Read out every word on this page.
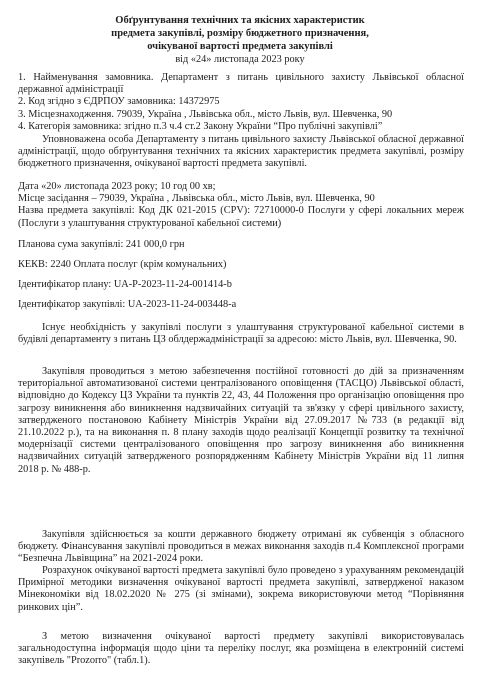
Обґрунтування технічних та якісних характеристик
предмета закупівлі, розміру бюджетного призначення,
очікуваної вартості предмета закупівлі
від «24» листопада 2023 року
1. Найменування замовника. Департамент з питань цивільного захисту Львівської обласної державної адміністрації
2. Код згідно з ЄДРПОУ замовника: 14372975
3. Місцезнаходження. 79039, Україна , Львівська обл., місто Львів, вул. Шевченка, 90
4. Категорія замовника: згідно п.3 ч.4 ст.2 Закону України “Про публічні закупівлі”
Уповноважена особа Департаменту з питань цивільного захисту Львівської обласної державної адміністрації, щодо обґрунтування технічних та якісних характеристик предмета закупівлі, розміру бюджетного призначення, очікуваної вартості предмета закупівлі.
Дата «20» листопада 2023 року; 10 год 00 хв;
Місце засідання – 79039, Україна , Львівська обл., місто Львів, вул. Шевченка, 90
Назва предмета закупівлі: Код ДК 021-2015 (CPV): 72710000-0 Послуги у сфері локальних мереж (Послуги з улаштування структурованої кабельної системи)
Планова сума закупівлі: 241 000,0 грн
КЕКВ: 2240 Оплата послуг (крім комунальних)
Ідентифікатор плану: UA-P-2023-11-24-001414-b
Ідентифікатор закупівлі: UA-2023-11-24-003448-a
Існує необхідність у закупівлі послуги з улаштування структурованої кабельної системи в будівлі департаменту з питань ЦЗ облдержадміністрації за адресою: місто Львів, вул. Шевченка, 90.
Закупівля проводиться з метою забезпечення постійної готовності до дій за призначенням територіальної автоматизованої системи централізованого оповіщення (ТАСЦО) Львівської області, відповідно до Кодексу ЦЗ України та пунктів 22, 43, 44 Положення про організацію оповіщення про загрозу виникнення або виникнення надзвичайних ситуацій та зв'язку у сфері цивільного захисту, затвердженого постановою Кабінету Міністрів України від 27.09.2017 №733 (в редакції від 21.10.2022 р.), та на виконання п. 8 плану заходів щодо реалізації Концепції розвитку та технічної модернізації системи централізованого оповіщення про загрозу виникнення або виникнення надзвичайних ситуацій затвердженого розпорядженням Кабінету Міністрів України від 11 липня 2018 р. № 488-р.
Закупівля здійснюється за кошти державного бюджету отримані як субвенція з обласного бюджету. Фінансування закупівлі проводиться в межах виконання заходів п.4 Комплексної програми “Безпечна Львівщина” на 2021-2024 роки.
Розрахунок очікуваної вартості предмета закупівлі було проведено з урахуванням рекомендацій Примірної методики визначення очікуваної вартості предмета закупівлі, затвердженої наказом Мінекономіки від 18.02.2020 № 275 (зі змінами), зокрема використовуючи метод “Порівняння ринкових цін”.
З метою визначення очікуваної вартості предмету закупівлі використовувалась загальнодоступна інформація щодо ціни та переліку послуг, яка розміщена в електронній системі закупівель "Prozorro" (табл.1).
